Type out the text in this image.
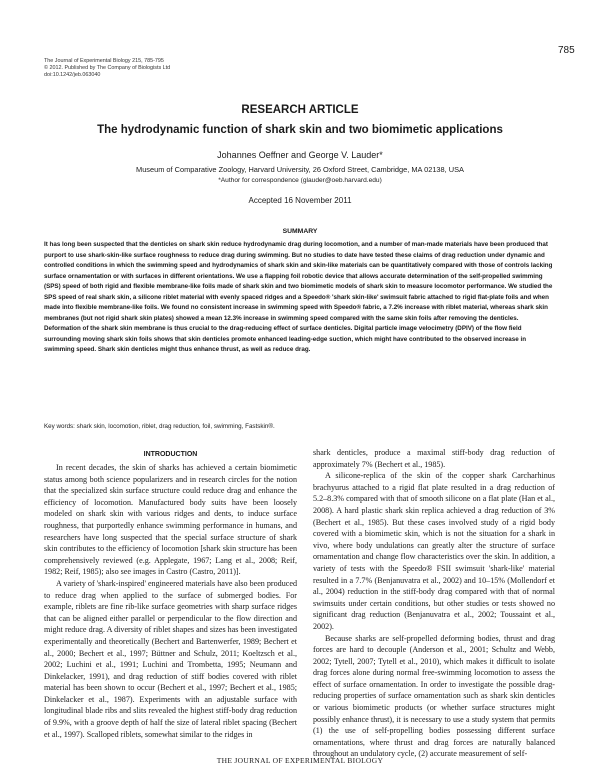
785
The Journal of Experimental Biology 215, 785-795
© 2012. Published by The Company of Biologists Ltd
doi:10.1242/jeb.063040
RESEARCH ARTICLE
The hydrodynamic function of shark skin and two biomimetic applications
Johannes Oeffner and George V. Lauder*
Museum of Comparative Zoology, Harvard University, 26 Oxford Street, Cambridge, MA 02138, USA
*Author for correspondence (glauder@oeb.harvard.edu)
Accepted 16 November 2011
SUMMARY
It has long been suspected that the denticles on shark skin reduce hydrodynamic drag during locomotion, and a number of man-made materials have been produced that purport to use shark-skin-like surface roughness to reduce drag during swimming. But no studies to date have tested these claims of drag reduction under dynamic and controlled conditions in which the swimming speed and hydrodynamics of shark skin and skin-like materials can be quantitatively compared with those of controls lacking surface ornamentation or with surfaces in different orientations. We use a flapping foil robotic device that allows accurate determination of the self-propelled swimming (SPS) speed of both rigid and flexible membrane-like foils made of shark skin and two biomimetic models of shark skin to measure locomotor performance. We studied the SPS speed of real shark skin, a silicone riblet material with evenly spaced ridges and a Speedo® 'shark skin-like' swimsuit fabric attached to rigid flat-plate foils and when made into flexible membrane-like foils. We found no consistent increase in swimming speed with Speedo® fabric, a 7.2% increase with riblet material, whereas shark skin membranes (but not rigid shark skin plates) showed a mean 12.3% increase in swimming speed compared with the same skin foils after removing the denticles. Deformation of the shark skin membrane is thus crucial to the drag-reducing effect of surface denticles. Digital particle image velocimetry (DPIV) of the flow field surrounding moving shark skin foils shows that skin denticles promote enhanced leading-edge suction, which might have contributed to the observed increase in swimming speed. Shark skin denticles might thus enhance thrust, as well as reduce drag.
Key words: shark skin, locomotion, riblet, drag reduction, foil, swimming, Fastskin®.
INTRODUCTION

In recent decades, the skin of sharks has achieved a certain biomimetic status among both science popularizers and in research circles for the notion that the specialized skin surface structure could reduce drag and enhance the efficiency of locomotion. Manufactured body suits have been loosely modeled on shark skin with various ridges and dents, to induce surface roughness, that purportedly enhance swimming performance in humans, and researchers have long suspected that the special surface structure of shark skin contributes to the efficiency of locomotion [shark skin structure has been comprehensively reviewed (e.g. Applegate, 1967; Lang et al., 2008; Reif, 1982; Reif, 1985); also see images in Castro (Castro, 2011)].

A variety of 'shark-inspired' engineered materials have also been produced to reduce drag when applied to the surface of submerged bodies. For example, riblets are fine rib-like surface geometries with sharp surface ridges that can be aligned either parallel or perpendicular to the flow direction and might reduce drag. A diversity of riblet shapes and sizes has been investigated experimentally and theoretically (Bechert and Bartenwerfer, 1989; Bechert et al., 2000; Bechert et al., 1997; Büttner and Schulz, 2011; Koeltzsch et al., 2002; Luchini et al., 1991; Luchini and Trombetta, 1995; Neumann and Dinkelacker, 1991), and drag reduction of stiff bodies covered with riblet material has been shown to occur (Bechert et al., 1997; Bechert et al., 1985; Dinkelacker et al., 1987). Experiments with an adjustable surface with longitudinal blade ribs and slits revealed the highest stiff-body drag reduction of 9.9%, with a groove depth of half the size of lateral riblet spacing (Bechert et al., 1997). Scalloped riblets, somewhat similar to the ridges in

shark denticles, produce a maximal stiff-body drag reduction of approximately 7% (Bechert et al., 1985).

A silicone-replica of the skin of the copper shark Carcharhinus brachyurus attached to a rigid flat plate resulted in a drag reduction of 5.2–8.3% compared with that of smooth silicone on a flat plate (Han et al., 2008). A hard plastic shark skin replica achieved a drag reduction of 3% (Bechert et al., 1985). But these cases involved study of a rigid body covered with a biomimetic skin, which is not the situation for a shark in vivo, where body undulations can greatly alter the structure of surface ornamentation and change flow characteristics over the skin. In addition, a variety of tests with the Speedo® FSII swimsuit 'shark-like' material resulted in a 7.7% (Benjanuvatra et al., 2002) and 10–15% (Mollendorf et al., 2004) reduction in the stiff-body drag compared with that of normal swimsuits under certain conditions, but other studies or tests showed no significant drag reduction (Benjanuvatra et al., 2002; Toussaint et al., 2002).

Because sharks are self-propelled deforming bodies, thrust and drag forces are hard to decouple (Anderson et al., 2001; Schultz and Webb, 2002; Tytell, 2007; Tytell et al., 2010), which makes it difficult to isolate drag forces alone during normal free-swimming locomotion to assess the effect of surface ornamentation. In order to investigate the possible drag-reducing properties of surface ornamentation such as shark skin denticles or various biomimetic products (or whether surface structures might possibly enhance thrust), it is necessary to use a study system that permits (1) the use of self-propelling bodies possessing different surface ornamentations, where thrust and drag forces are naturally balanced throughout an undulatory cycle, (2) accurate measurement of self-

THE JOURNAL OF EXPERIMENTAL BIOLOGY
